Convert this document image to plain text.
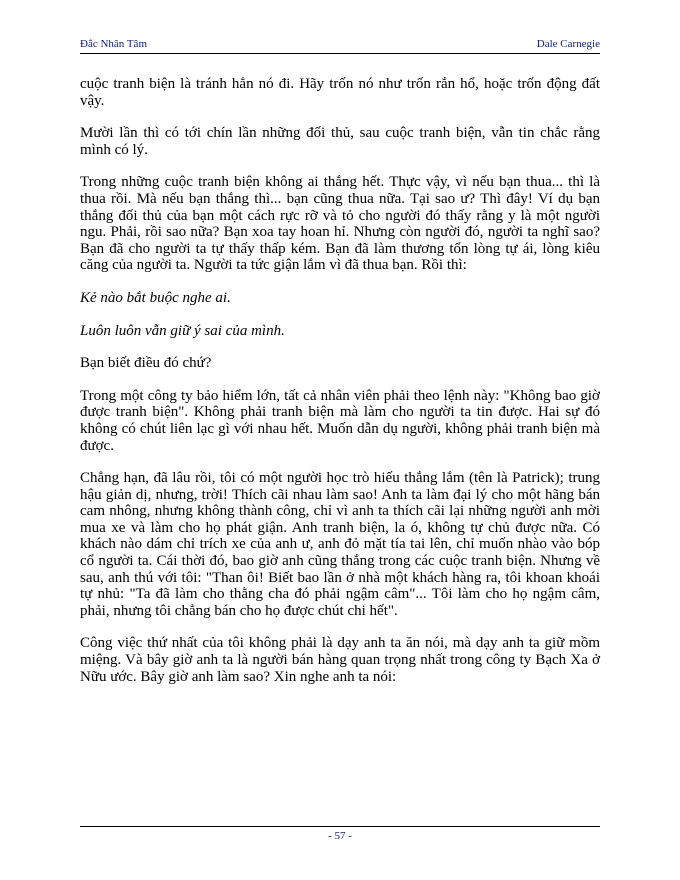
Đắc Nhân Tâm	Dale Carnegie

cuộc tranh biện là tránh hẳn nó đi. Hãy trốn nó như trốn rắn hổ, hoặc trốn động đất vậy.

Mười lần thì có tới chín lần những đối thủ, sau cuộc tranh biện, vẫn tin chắc rằng mình có lý.

Trong những cuộc tranh biện không ai thắng hết. Thực vậy, vì nếu bạn thua... thì là thua rồi. Mà nếu bạn thắng thì... bạn cũng thua nữa. Tại sao ư? Thì đây! Ví dụ bạn thắng đối thủ của bạn một cách rực rỡ và tỏ cho người đó thấy rằng y là một người ngu. Phải, rồi sao nữa? Bạn xoa tay hoan hỉ. Nhưng còn người đó, người ta nghĩ sao? Bạn đã cho người ta tự thấy thấp kém. Bạn đã làm thương tổn lòng tự ái, lòng kiêu căng của người ta. Người ta tức giận lắm vì đã thua bạn. Rồi thì:

Kẻ nào bắt buộc nghe ai.

Luôn luôn vẫn giữ ý sai của mình.

Bạn biết điều đó chứ?

Trong một công ty bảo hiểm lớn, tất cả nhân viên phải theo lệnh này: "Không bao giờ được tranh biện". Không phải tranh biện mà làm cho người ta tin được. Hai sự đó không có chút liên lạc gì với nhau hết. Muốn dẫn dụ người, không phải tranh biện mà được.

Chẳng hạn, đã lâu rồi, tôi có một người học trò hiếu thắng lắm (tên là Patrick); trung hậu giản dị, nhưng, trời! Thích cãi nhau làm sao! Anh ta làm đại lý cho một hãng bán cam nhông, nhưng không thành công, chỉ vì anh ta thích cãi lại những người anh mời mua xe và làm cho họ phát giận. Anh tranh biện, la ó, không tự chủ được nữa. Có khách nào dám chỉ trích xe của anh ư, anh đỏ mặt tía tai lên, chỉ muốn nhào vào bóp cổ người ta. Cái thời đó, bao giờ anh cũng thắng trong các cuộc tranh biện. Nhưng về sau, anh thú với tôi: "Than ôi! Biết bao lần ở nhà một khách hàng ra, tôi khoan khoái tự nhủ: "Ta đã làm cho thằng cha đó phải ngậm câm"... Tôi làm cho họ ngậm câm, phải, nhưng tôi chẳng bán cho họ được chút chi hết".

Công việc thứ nhất của tôi không phải là dạy anh ta ăn nói, mà dạy anh ta giữ mồm miệng. Và bây giờ anh ta là người bán hàng quan trọng nhất trong công ty Bạch Xa ở Nữu ước. Bây giờ anh làm sao? Xin nghe anh ta nói:

- 57 -
